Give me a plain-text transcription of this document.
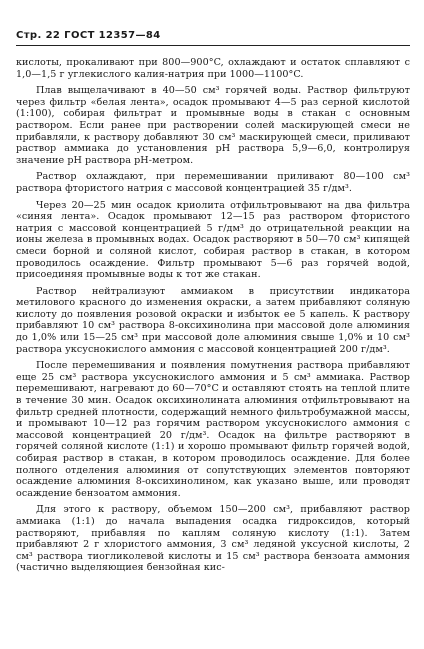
Стр. 22 ГОСТ 12357—84

кислоты, прокаливают при 800—900°C, охлаждают и остаток сплавляют с 1,0—1,5 г углекислого калия-натрия при 1000—1100°C.

Плав выщелачивают в 40—50 см³ горячей воды. Раствор фильтруют через фильтр «белая лента», осадок промывают 4—5 раз серной кислотой (1:100), собирая фильтрат и промывные воды в стакан с основным раствором. Если ранее при растворении солей маскирующей смеси не прибавляли, к раствору добавляют 30 см³ маскирующей смеси, приливают раствор аммиака до установления pH раствора 5,9—6,0, контролируя значение pH раствора pH-метром.

Раствор охлаждают, при перемешивании приливают 80—100 см³ раствора фтористого натрия с массовой концентрацией 35 г/дм³.

Через 20—25 мин осадок криолита отфильтровывают на два фильтра «синяя лента». Осадок промывают 12—15 раз раствором фтористого натрия с массовой концентрацией 5 г/дм³ до отрицательной реакции на ионы железа в промывных водах. Осадок растворяют в 50—70 см³ кипящей смеси борной и соляной кислот, собирая раствор в стакан, в котором проводилось осаждение. Фильтр промывают 5—6 раз горячей водой, присоединяя промывные воды к тот же стакан.

Раствор нейтрализуют аммиаком в присутствии индикатора метилового красного до изменения окраски, а затем прибавляют соляную кислоту до появления розовой окраски и избыток ее 5 капель. К раствору прибавляют 10 см³ раствора 8-оксихинолина при массовой доле алюминия до 1,0% или 15—25 см³ при массовой доле алюминия свыше 1,0% и 10 см³ раствора уксуснокислого аммония с массовой концентрацией 200 г/дм³.

После перемешивания и появления помутнения раствора прибавляют еще 25 см³ раствора уксуснокислого аммония и 5 см³ аммиака. Раствор перемешивают, нагревают до 60—70°C и оставляют стоять на теплой плите в течение 30 мин. Осадок оксихинолината алюминия отфильтровывают на фильтр средней плотности, содержащий немного фильтробумажной массы, и промывают 10—12 раз горячим раствором уксуснокислого аммония с массовой концентрацией 20 г/дм³. Осадок на фильтре растворяют в горячей соляной кислоте (1:1) и хорошо промывают фильтр горячей водой, собирая раствор в стакан, в котором проводилось осаждение. Для более полного отделения алюминия от сопутствующих элементов повторяют осаждение алюминия 8-оксихинолином, как указано выше, или проводят осаждение бензоатом аммония.

Для этого к раствору, объемом 150—200 см³, прибавляют раствор аммиака (1:1) до начала выпадения осадка гидроксидов, который растворяют, прибавляя по каплям соляную кислоту (1:1). Затем прибавляют 2 г хлористого аммония, 3 см³ ледяной уксусной кислоты, 2 см³ раствора тиогликолевой кислоты и 15 см³ раствора бензоата аммония (частично выделяющиея бензойная кис-
